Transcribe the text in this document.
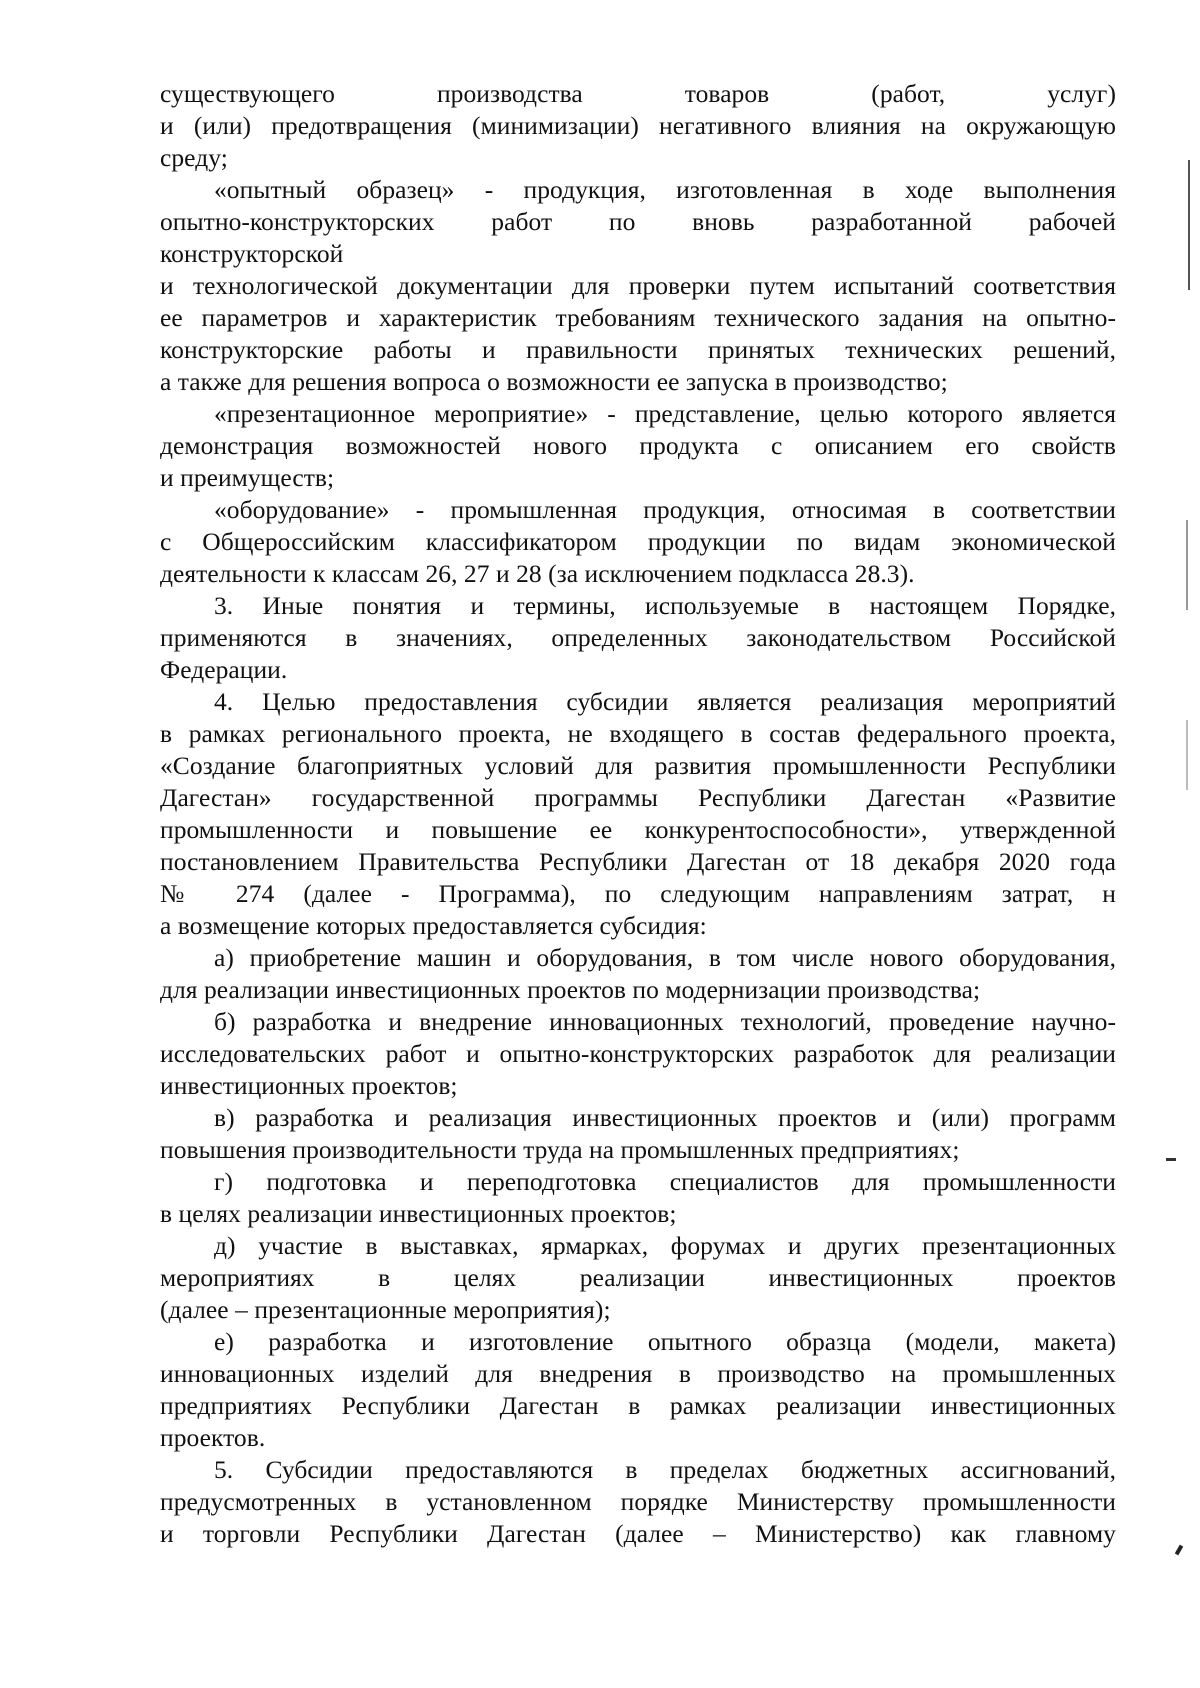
существующего производства товаров (работ, услуг)
и (или) предотвращения (минимизации) негативного влияния на окружающую
среду;

«опытный образец» - продукция, изготовленная в ходе выполнения
опытно-конструкторских работ по вновь разработанной рабочей
конструкторской
и технологической документации для проверки путем испытаний соответствия
ее параметров и характеристик требованиям технического задания на опытно-
конструкторские работы и правильности принятых технических решений,
а также для решения вопроса о возможности ее запуска в производство;

«презентационное мероприятие» - представление, целью которого является
демонстрация возможностей нового продукта с описанием его свойств
и преимуществ;

«оборудование» - промышленная продукция, относимая в соответствии
с Общероссийским классификатором продукции по видам экономической
деятельности к классам 26, 27 и 28 (за исключением подкласса 28.3).

3. Иные понятия и термины, используемые в настоящем Порядке,
применяются в значениях, определенных законодательством Российской
Федерации.

4. Целью предоставления субсидии является реализация мероприятий
в рамках регионального проекта, не входящего в состав федерального проекта,
«Создание благоприятных условий для развития промышленности Республики
Дагестан» государственной программы Республики Дагестан «Развитие
промышленности и повышение ее конкурентоспособности», утвержденной
постановлением Правительства Республики Дагестан от 18 декабря 2020 года
№ 274 (далее - Программа), по следующим направлениям затрат, н
а возмещение которых предоставляется субсидия:

а) приобретение машин и оборудования, в том числе нового оборудования,
для реализации инвестиционных проектов по модернизации производства;

б) разработка и внедрение инновационных технологий, проведение научно-
исследовательских работ и опытно-конструкторских разработок для реализации
инвестиционных проектов;

в) разработка и реализация инвестиционных проектов и (или) программ
повышения производительности труда на промышленных предприятиях;

г) подготовка и переподготовка специалистов для промышленности
в целях реализации инвестиционных проектов;

д) участие в выставках, ярмарках, форумах и других презентационных
мероприятиях в целях реализации инвестиционных проектов
(далее – презентационные мероприятия);

е) разработка и изготовление опытного образца (модели, макета)
инновационных изделий для внедрения в производство на промышленных
предприятиях Республики Дагестан в рамках реализации инвестиционных
проектов.

5. Субсидии предоставляются в пределах бюджетных ассигнований,
предусмотренных в установленном порядке Министерству промышленности
и торговли Республики Дагестан (далее – Министерство) как главному
